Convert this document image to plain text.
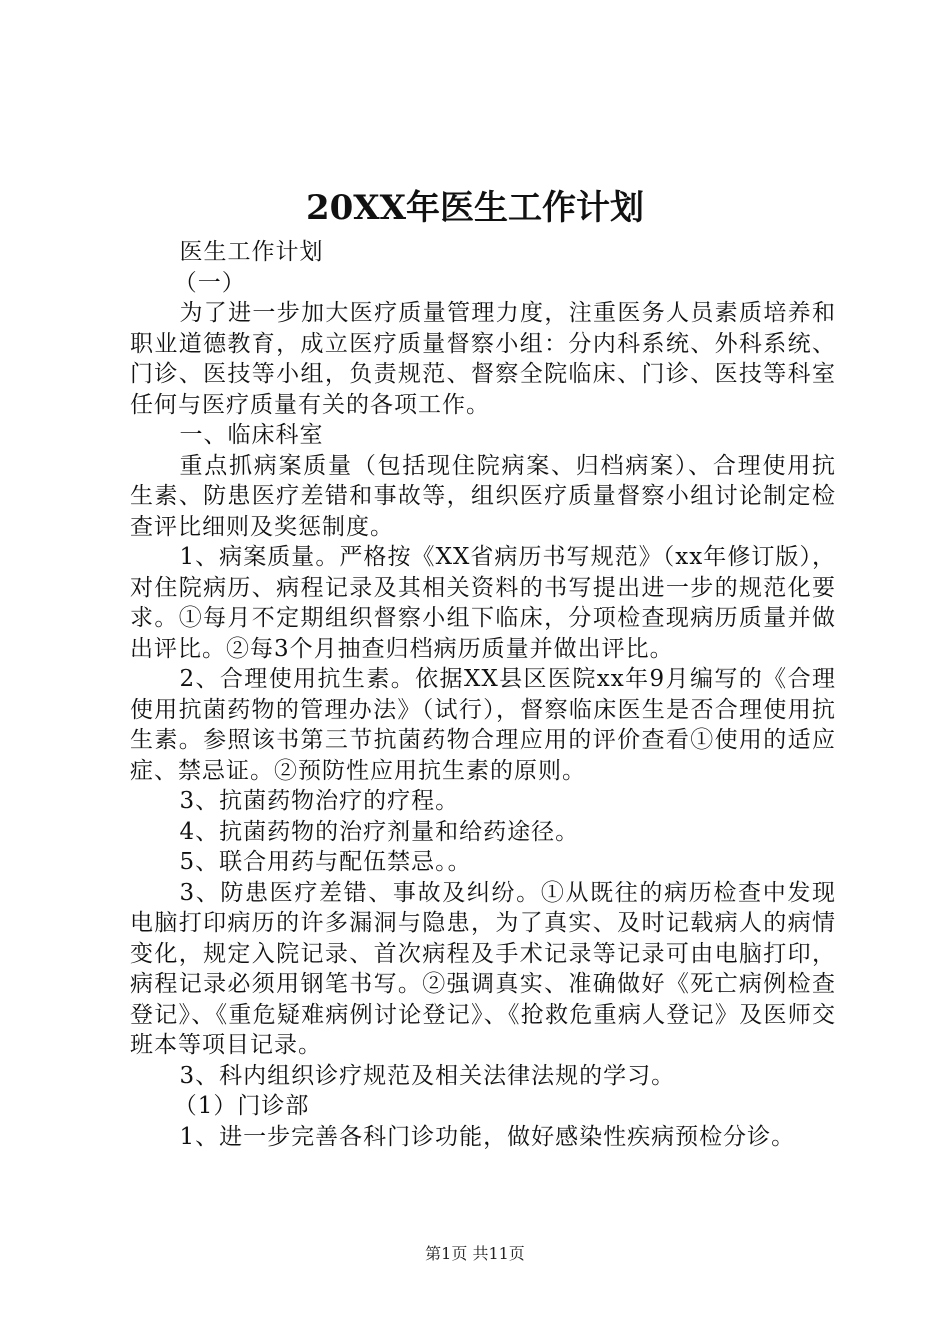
20XX年医生工作计划

医生工作计划

（一）

为了进一步加大医疗质量管理力度，注重医务人员素质培养和职业道德教育，成立医疗质量督察小组：分内科系统、外科系统、门诊、医技等小组，负责规范、督察全院临床、门诊、医技等科室任何与医疗质量有关的各项工作。

一、临床科室

重点抓病案质量（包括现住院病案、归档病案）、合理使用抗生素、防患医疗差错和事故等，组织医疗质量督察小组讨论制定检查评比细则及奖惩制度。

1、病案质量。严格按《XX省病历书写规范》（xx年修订版），对住院病历、病程记录及其相关资料的书写提出进一步的规范化要求。①每月不定期组织督察小组下临床，分项检查现病历质量并做出评比。②每3个月抽查归档病历质量并做出评比。

2、合理使用抗生素。依据XX县区医院xx年9月编写的《合理使用抗菌药物的管理办法》（试行），督察临床医生是否合理使用抗生素。参照该书第三节抗菌药物合理应用的评价查看①使用的适应症、禁忌证。②预防性应用抗生素的原则。

3、抗菌药物治疗的疗程。

4、抗菌药物的治疗剂量和给药途径。

5、联合用药与配伍禁忌。。

3、防患医疗差错、事故及纠纷。①从既往的病历检查中发现电脑打印病历的许多漏洞与隐患，为了真实、及时记载病人的病情变化，规定入院记录、首次病程及手术记录等记录可由电脑打印，病程记录必须用钢笔书写。②强调真实、准确做好《死亡病例检查登记》、《重危疑难病例讨论登记》、《抢救危重病人登记》及医师交班本等项目记录。

3、科内组织诊疗规范及相关法律法规的学习。

（1）门诊部

1、进一步完善各科门诊功能，做好感染性疾病预检分诊。

第1页 共11页
